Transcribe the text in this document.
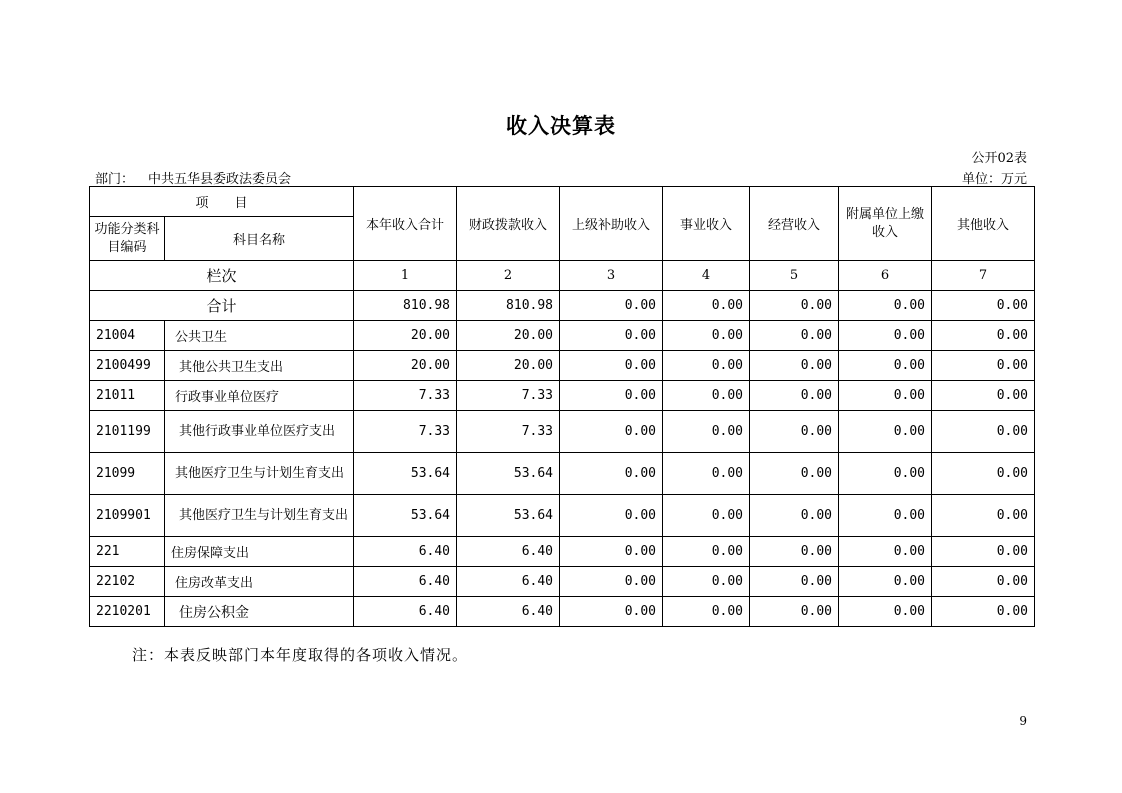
收入决算表
公开02表
部门： 中共五华县委政法委员会	单位：万元
项　　目		本年收入合计	财政拨款收入	上级补助收入	事业收入	经营收入	附属单位上缴收入	其他收入
功能分类科目编码	科目名称							
栏次		1	2	3	4	5	6	7
合计		810.98	810.98	0.00	0.00	0.00	0.00	0.00
21004	公共卫生	20.00	20.00	0.00	0.00	0.00	0.00	0.00
2100499	其他公共卫生支出	20.00	20.00	0.00	0.00	0.00	0.00	0.00
21011	行政事业单位医疗	7.33	7.33	0.00	0.00	0.00	0.00	0.00
2101199	其他行政事业单位医疗支出	7.33	7.33	0.00	0.00	0.00	0.00	0.00
21099	其他医疗卫生与计划生育支出	53.64	53.64	0.00	0.00	0.00	0.00	0.00
2109901	其他医疗卫生与计划生育支出	53.64	53.64	0.00	0.00	0.00	0.00	0.00
221	住房保障支出	6.40	6.40	0.00	0.00	0.00	0.00	0.00
22102	住房改革支出	6.40	6.40	0.00	0.00	0.00	0.00	0.00
2210201	住房公积金	6.40	6.40	0.00	0.00	0.00	0.00	0.00
注：本表反映部门本年度取得的各项收入情况。
9
